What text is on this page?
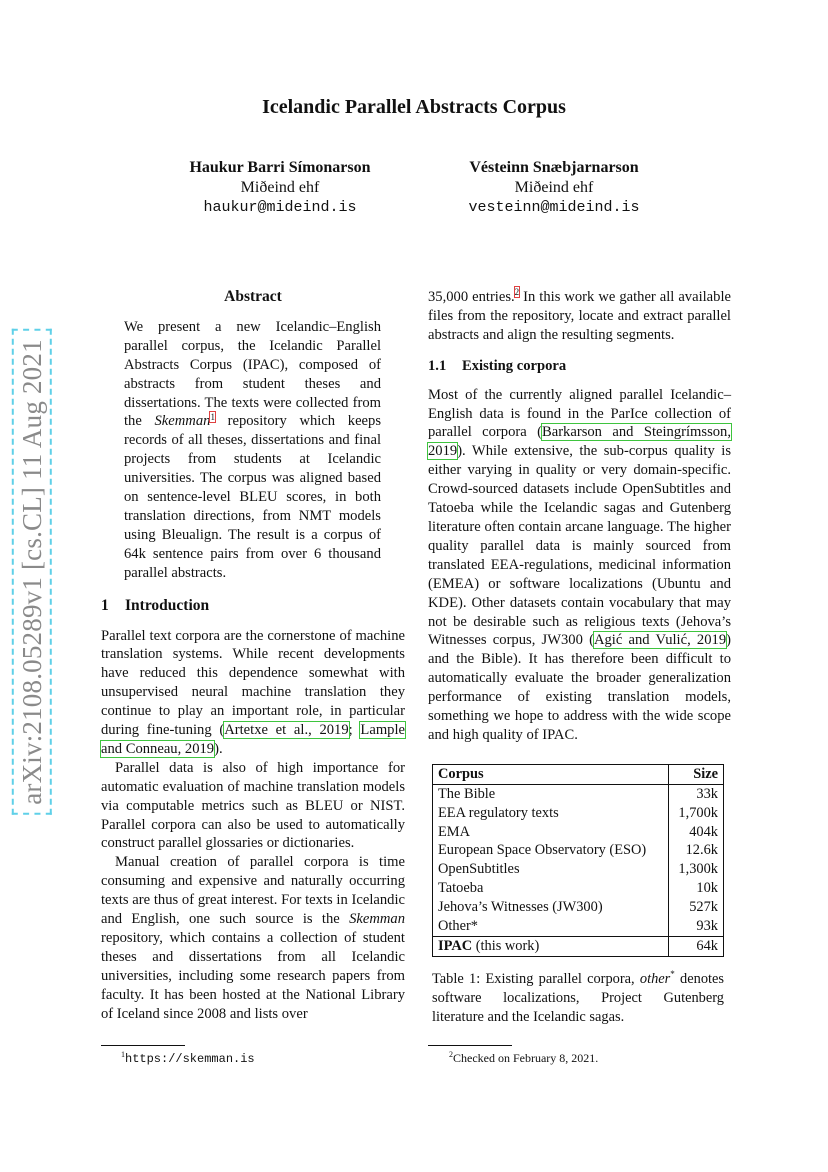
arXiv:2108.05289v1 [cs.CL] 11 Aug 2021
Icelandic Parallel Abstracts Corpus
Haukur Barri Símonarson
Miðeind ehf
haukur@mideind.is
Vésteinn Snæbjarnarson
Miðeind ehf
vesteinn@mideind.is
Abstract

We present a new Icelandic–English parallel corpus, the Icelandic Parallel Abstracts Corpus (IPAC), composed of abstracts from student theses and dissertations. The texts were collected from the Skemman$^1$ repository which keeps records of all theses, dissertations and final projects from students at Icelandic universities. The corpus was aligned based on sentence-level BLEU scores, in both translation directions, from NMT models using Bleualign. The result is a corpus of 64k sentence pairs from over 6 thousand parallel abstracts.

1 Introduction

Parallel text corpora are the cornerstone of machine translation systems. While recent developments have reduced this dependence somewhat with unsupervised neural machine translation they continue to play an important role, in particular during fine-tuning (Artetxe et al., 2019; Lample and Conneau, 2019).

Parallel data is also of high importance for automatic evaluation of machine translation models via computable metrics such as BLEU or NIST. Parallel corpora can also be used to automatically construct parallel glossaries or dictionaries.

Manual creation of parallel corpora is time consuming and expensive and naturally occurring texts are thus of great interest. For texts in Icelandic and English, one such source is the Skemman repository, which contains a collection of student theses and dissertations from all Icelandic universities, including some research papers from faculty. It has been hosted at the National Library of Iceland since 2008 and lists over

35,000 entries.$^2$ In this work we gather all available files from the repository, locate and extract parallel abstracts and align the resulting segments.

1.1 Existing corpora

Most of the currently aligned parallel Icelandic–English data is found in the ParIce collection of parallel corpora (Barkarson and Steingrímsson, 2019). While extensive, the sub-corpus quality is either varying in quality or very domain-specific. Crowd-sourced datasets include OpenSubtitles and Tatoeba while the Icelandic sagas and Gutenberg literature often contain arcane language. The higher quality parallel data is mainly sourced from translated EEA-regulations, medicinal information (EMEA) or software localizations (Ubuntu and KDE). Other datasets contain vocabulary that may not be desirable such as religious texts (Jehova’s Witnesses corpus, JW300 (Agić and Vulić, 2019) and the Bible). It has therefore been difficult to automatically evaluate the broader generalization performance of existing translation models, something we hope to address with the wide scope and high quality of IPAC.

Corpus	Size
The Bible	33k
EEA regulatory texts	1,700k
EMA	404k
European Space Observatory (ESO)	12.6k
OpenSubtitles	1,300k
Tatoeba	10k
Jehova’s Witnesses (JW300)	527k
Other*	93k
IPAC (this work)	64k

Table 1: Existing parallel corpora, other* denotes software localizations, Project Gutenberg literature and the Icelandic sagas.

$^1$https://skemman.is	$^2$Checked on February 8, 2021.
